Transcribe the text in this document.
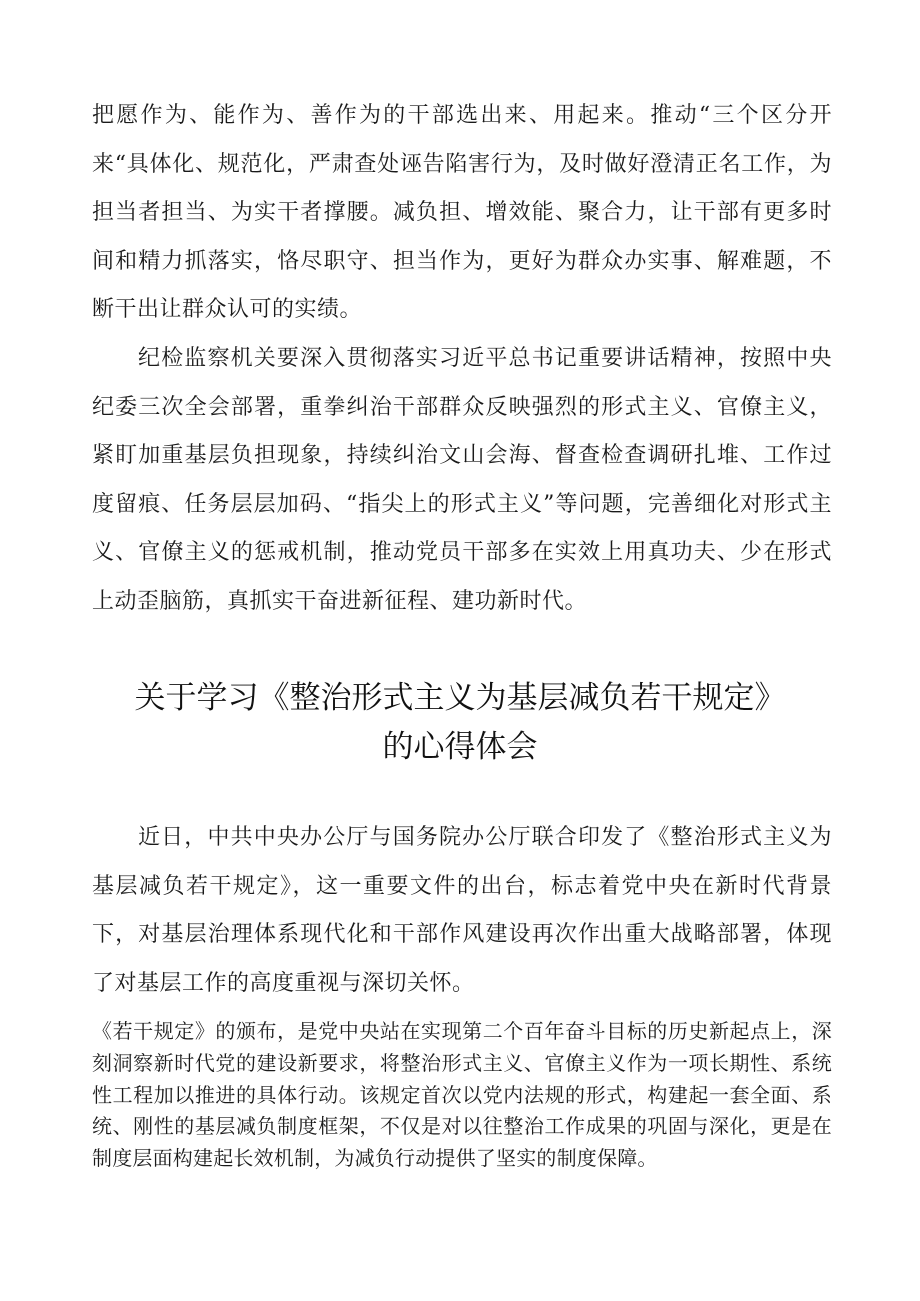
把愿作为、能作为、善作为的干部选出来、用起来。推动“三个区分开来“具体化、规范化，严肃查处诬告陷害行为，及时做好澄清正名工作，为担当者担当、为实干者撑腰。减负担、增效能、聚合力，让干部有更多时间和精力抓落实，恪尽职守、担当作为，更好为群众办实事、解难题，不断干出让群众认可的实绩。

纪检监察机关要深入贯彻落实习近平总书记重要讲话精神，按照中央纪委三次全会部署，重拳纠治干部群众反映强烈的形式主义、官僚主义，紧盯加重基层负担现象，持续纠治文山会海、督查检查调研扎堆、工作过度留痕、任务层层加码、“指尖上的形式主义”等问题，完善细化对形式主义、官僚主义的惩戒机制，推动党员干部多在实效上用真功夫、少在形式上动歪脑筋，真抓实干奋进新征程、建功新时代。

关于学习《整治形式主义为基层减负若干规定》
的心得体会

近日，中共中央办公厅与国务院办公厅联合印发了《整治形式主义为基层减负若干规定》，这一重要文件的出台，标志着党中央在新时代背景下，对基层治理体系现代化和干部作风建设再次作出重大战略部署，体现了对基层工作的高度重视与深切关怀。

《若干规定》的颁布，是党中央站在实现第二个百年奋斗目标的历史新起点上，深刻洞察新时代党的建设新要求，将整治形式主义、官僚主义作为一项长期性、系统性工程加以推进的具体行动。该规定首次以党内法规的形式，构建起一套全面、系统、刚性的基层减负制度框架，不仅是对以往整治工作成果的巩固与深化，更是在制度层面构建起长效机制，为减负行动提供了坚实的制度保障。
